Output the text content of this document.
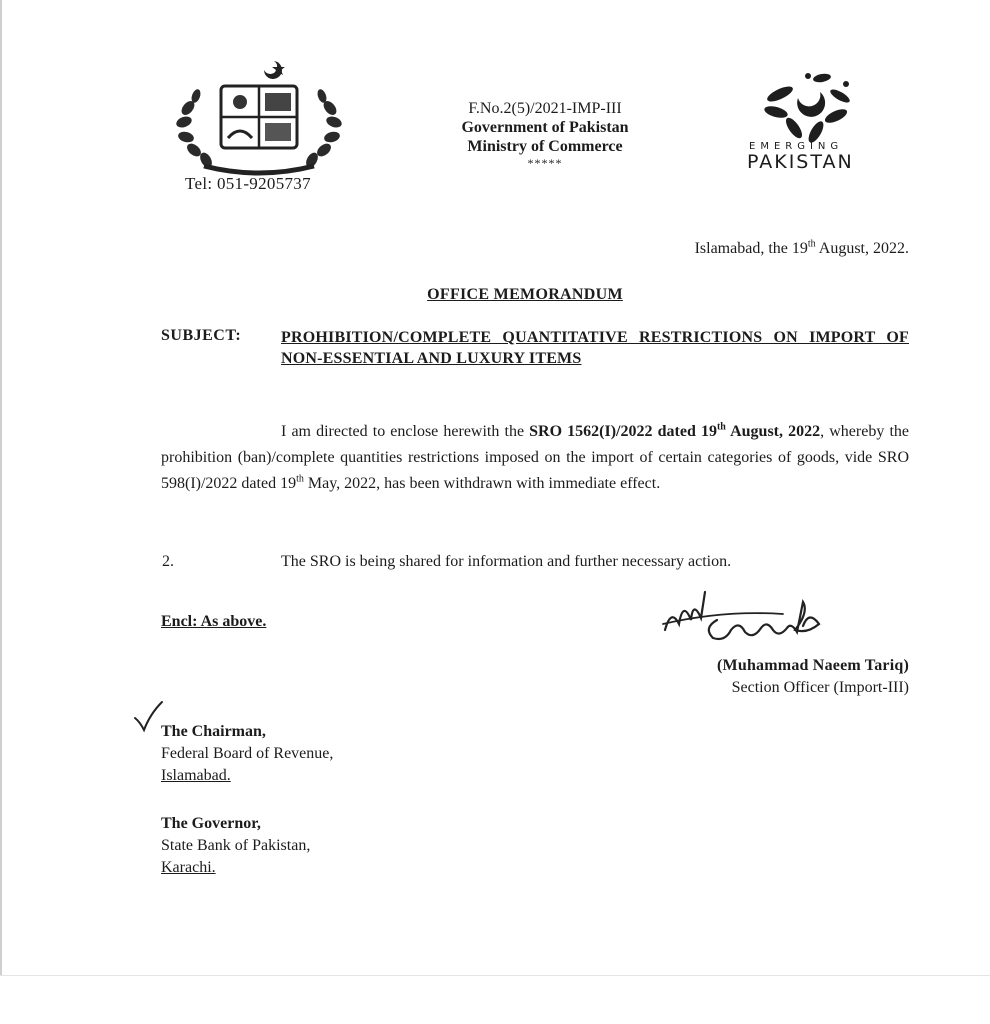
Tel: 051-9205737
F.No.2(5)/2021-IMP-III
Government of Pakistan
Ministry of Commerce
*****
EMERGING
PAKISTAN
Islamabad, the 19th August, 2022.
OFFICE MEMORANDUM
SUBJECT: PROHIBITION/COMPLETE QUANTITATIVE RESTRICTIONS ON IMPORT OF NON-ESSENTIAL AND LUXURY ITEMS
I am directed to enclose herewith the SRO 1562(I)/2022 dated 19th August, 2022, whereby the prohibition (ban)/complete quantities restrictions imposed on the import of certain categories of goods, vide SRO 598(I)/2022 dated 19th May, 2022, has been withdrawn with immediate effect.
2.	The SRO is being shared for information and further necessary action.
Encl: As above.
(Muhammad Naeem Tariq)
Section Officer (Import-III)
The Chairman,
Federal Board of Revenue,
Islamabad.
The Governor,
State Bank of Pakistan,
Karachi.
